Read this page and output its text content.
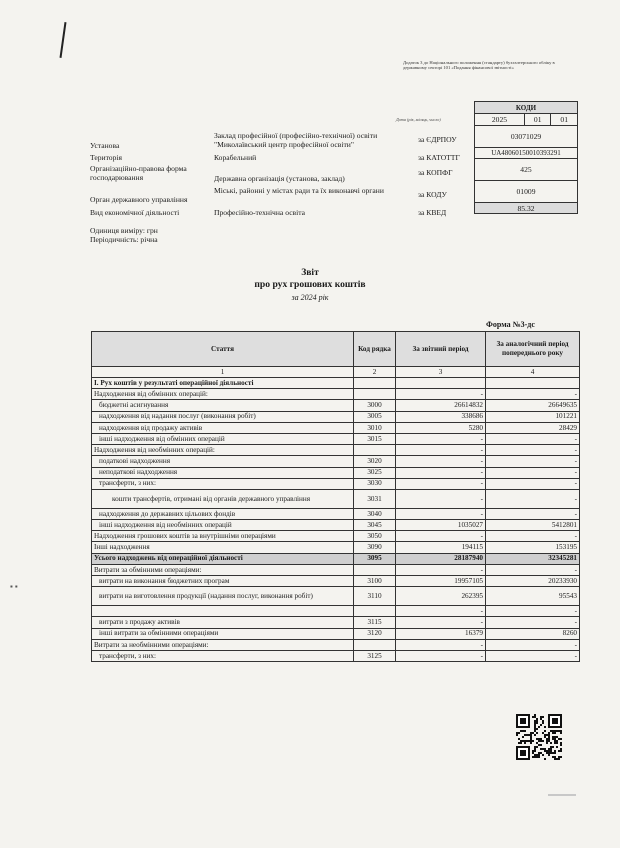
Додаток 3 до Національного положення (стандарту) бухгалтерського обліку в державному секторі 101 «Подання фінансової звітності»
Дата (рік, місяць, число)
КОДИ
2025	01	01
03071029
UA48060150010393291
425
01009
85.32
Установа
Заклад професійної (професійно-технічної) освіти "Миколаївський центр професійної освіти"
за ЄДРПОУ
Територія	Корабельний	за КАТОТТГ
Організаційно-правова форма господарювання	Державна організація (установа, заклад)
за КОПФГ
Орган державного управління
Міські, районні у містах ради та їх виконавчі органи	за КОДУ
Вид економічної діяльності	Професійно-технічна освіта	за КВЕД
Одиниця виміру: грн
Періодичність: річна
Звіт
про рух грошових коштів
за 2024 рік
Форма №3-дс
Стаття	Код рядка	За звітний період	За аналогічний період попереднього року
1	2	3	4
І. Рух коштів у результаті операційної діяльності			
Надходження від обмінних операцій:		-	-
бюджетні асигнування	3000	26614832	26649635
надходження від надання послуг (виконання робіт)	3005	338686	101221
надходження від продажу активів	3010	5280	28429
інші надходження від обмінних операцій	3015	-	-
Надходження від необмінних операцій:		-	-
податкові надходження	3020	-	-
неподаткові надходження	3025	-	-
трансферти, з них:	3030	-	-
кошти трансфертів, отримані від органів державного управління	3031	-	-
надходження до державних цільових фондів	3040	-	-
інші надходження від необмінних операцій	3045	1035027	5412801
Надходження грошових коштів за внутрішніми операціями	3050	-	-
Інші надходження	3090	194115	153195
Усього надходжень від операційної діяльності	3095	28187940	32345281
Витрати за обмінними операціями:		-	-
витрати на виконання бюджетних програм	3100	19957105	20233930
витрати на виготовлення продукції (надання послуг, виконання робіт)	3110	262395	95543
		-	-
витрати з продажу активів	3115	-	-
інші витрати за обмінними операціями	3120	16379	8260
Витрати за необмінними операціями:		-	-
трансферти, з них:	3125	-	-
▪ ▪
